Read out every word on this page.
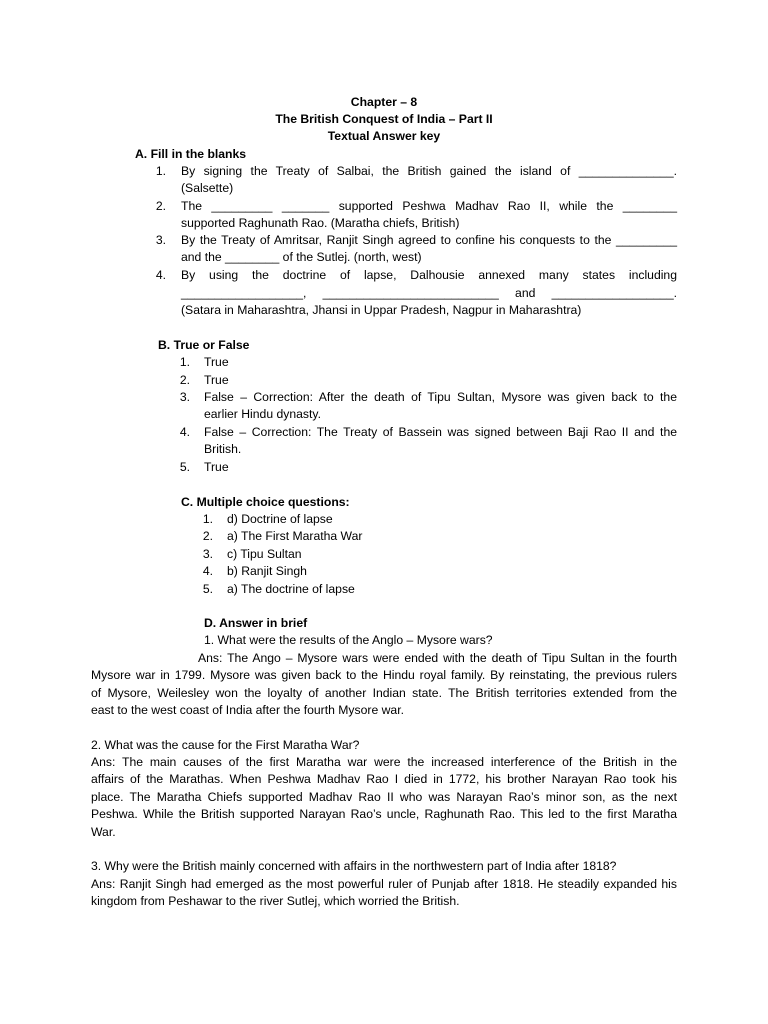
Chapter – 8
The British Conquest of India – Part II
Textual Answer key
A. Fill in the blanks
1. By signing the Treaty of Salbai, the British gained the island of ______________.
(Salsette)
2. The _________ _______ supported Peshwa Madhav Rao II, while the ________
supported Raghunath Rao. (Maratha chiefs, British)
3. By the Treaty of Amritsar, Ranjit Singh agreed to confine his conquests to the _________
and the ________ of the Sutlej. (north, west)
4. By using the doctrine of lapse, Dalhousie annexed many states including
__________________, __________________________ and __________________.
(Satara in Maharashtra, Jhansi in Uppar Pradesh, Nagpur in Maharashtra)
B. True or False
1. True
2. True
3. False – Correction: After the death of Tipu Sultan, Mysore was given back to the
earlier Hindu dynasty.
4. False – Correction: The Treaty of Bassein was signed between Baji Rao II and the
British.
5. True
C. Multiple choice questions:
1. d) Doctrine of lapse
2. a) The First Maratha War
3. c) Tipu Sultan
4. b) Ranjit Singh
5. a) The doctrine of lapse
D. Answer in brief
1. What were the results of the Anglo – Mysore wars?
Ans: The Ango – Mysore wars were ended with the death of Tipu Sultan in the fourth
Mysore war in 1799. Mysore was given back to the Hindu royal family. By reinstating, the previous rulers
of Mysore, Weilesley won the loyalty of another Indian state. The British territories extended from the
east to the west coast of India after the fourth Mysore war.
2. What was the cause for the First Maratha War?
Ans: The main causes of the first Maratha war were the increased interference of the British in the
affairs of the Marathas. When Peshwa Madhav Rao I died in 1772, his brother Narayan Rao took his
place. The Maratha Chiefs supported Madhav Rao II who was Narayan Rao’s minor son, as the next
Peshwa. While the British supported Narayan Rao’s uncle, Raghunath Rao. This led to the first Maratha
War.
3. Why were the British mainly concerned with affairs in the northwestern part of India after 1818?
Ans: Ranjit Singh had emerged as the most powerful ruler of Punjab after 1818. He steadily expanded his
kingdom from Peshawar to the river Sutlej, which worried the British.
